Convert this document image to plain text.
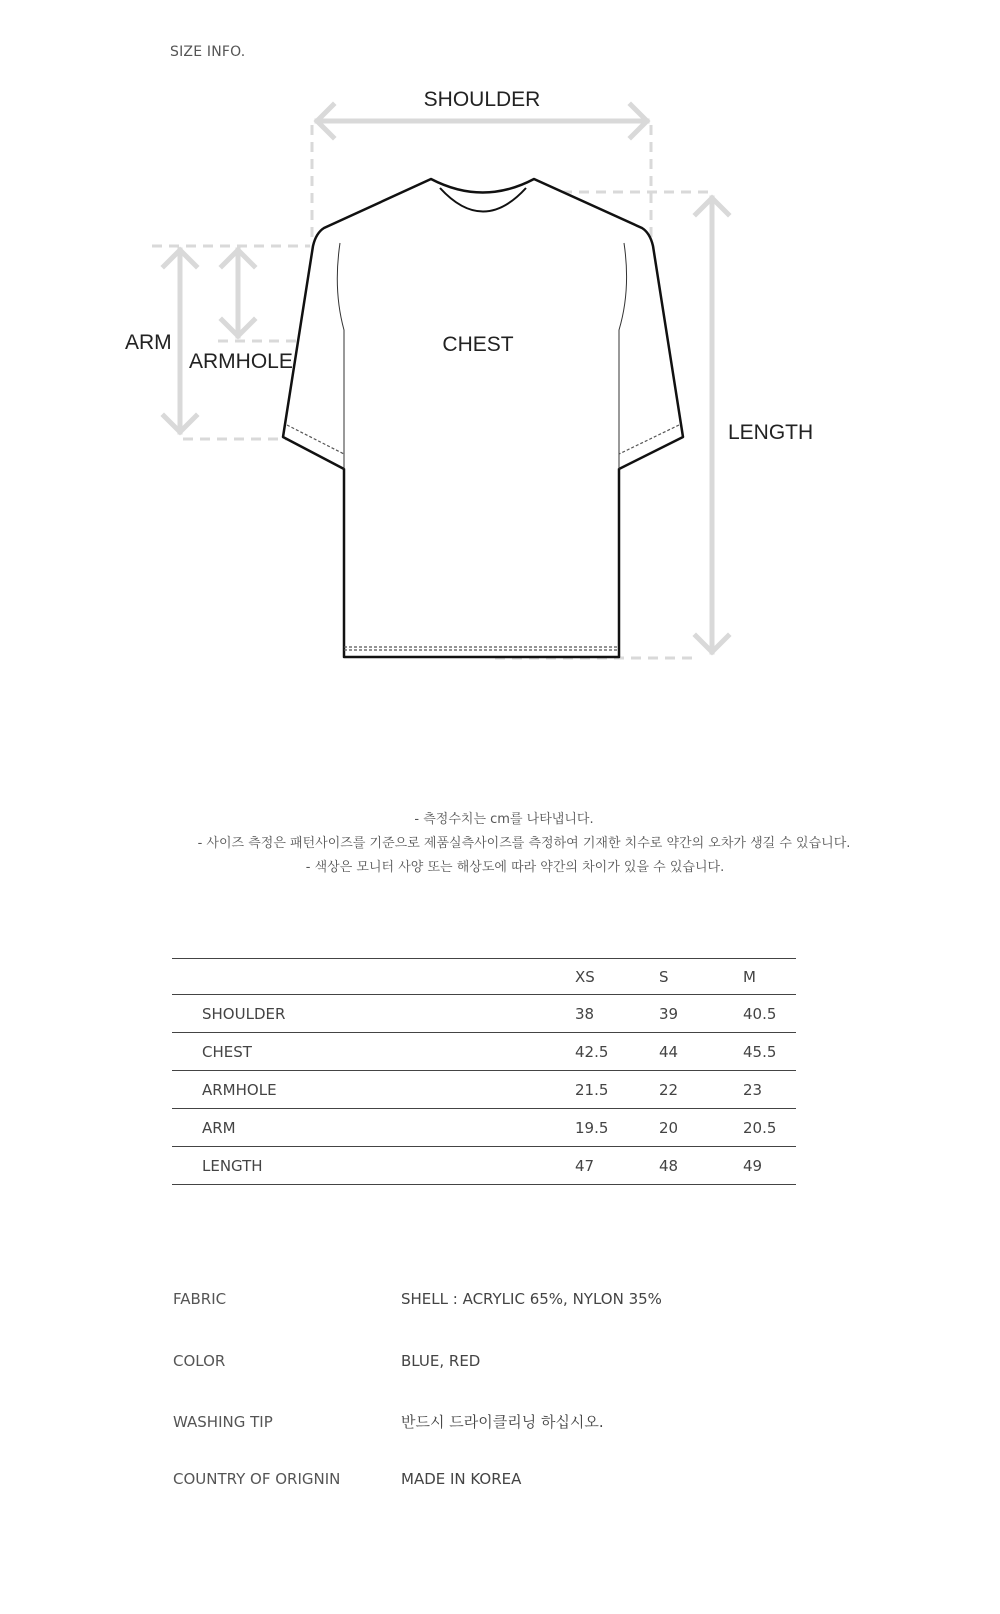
SIZE INFO.
SHOULDER
ARM
ARMHOLE
CHEST
LENGTH
- 측정수치는 cm를 나타냅니다.
- 사이즈 측정은 패턴사이즈를 기준으로 제품실측사이즈를 측정하여 기재한 치수로 약간의 오차가 생길 수 있습니다.
- 색상은 모니터 사양 또는 해상도에 따라 약간의 차이가 있을 수 있습니다.
	XS	S	M
SHOULDER	38	39	40.5
CHEST	42.5	44	45.5
ARMHOLE	21.5	22	23
ARM	19.5	20	20.5
LENGTH	47	48	49
FABRIC	SHELL : ACRYLIC 65%, NYLON 35%
COLOR	BLUE, RED
WASHING TIP	반드시 드라이클리닝 하십시오.
COUNTRY OF ORIGNIN	MADE IN KOREA
